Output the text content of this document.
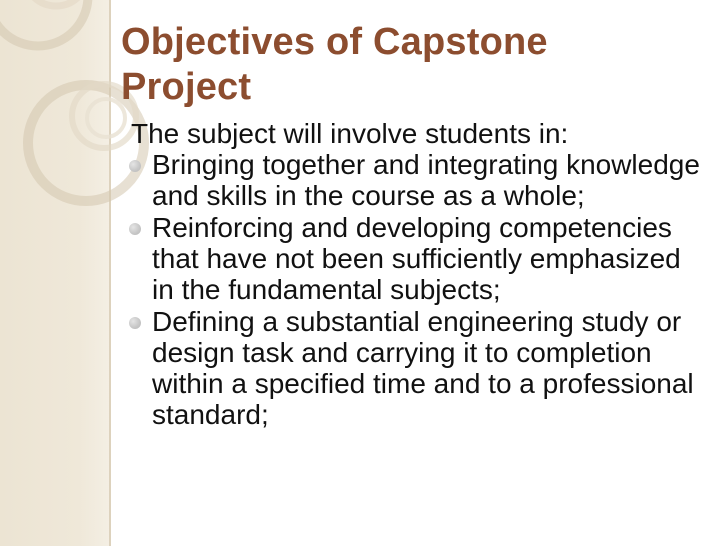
Objectives of Capstone Project

The subject will involve students in:

Bringing together and integrating knowledge and skills in the course as a whole;
Reinforcing and developing competencies that have not been sufficiently emphasized in the fundamental subjects;
Defining a substantial engineering study or design task and carrying it to completion within a specified time and to a professional standard;
